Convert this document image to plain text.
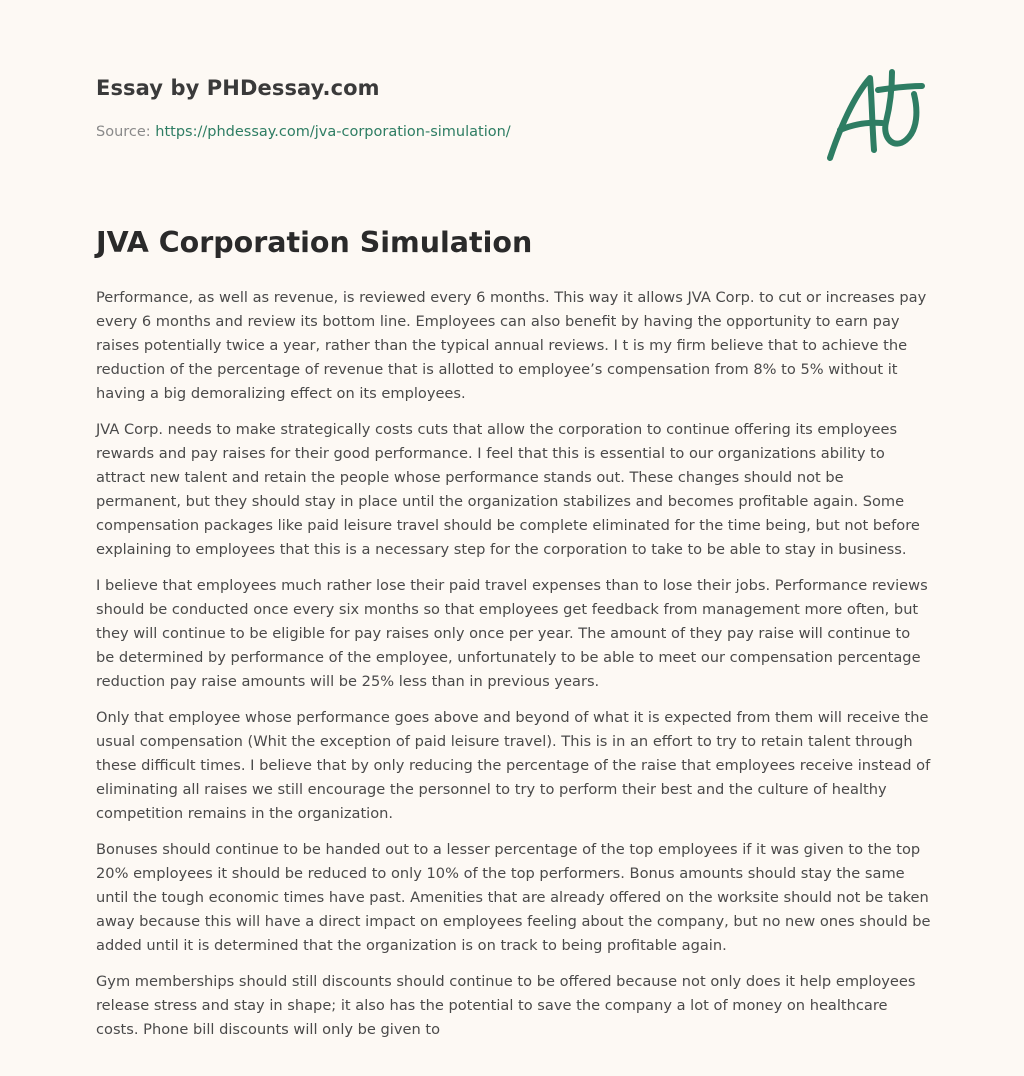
Essay by PHDessay.com

Source: https://phdessay.com/jva-corporation-simulation/

JVA Corporation Simulation

Performance, as well as revenue, is reviewed every 6 months. This way it allows JVA Corp. to cut or increases pay every 6 months and review its bottom line. Employees can also benefit by having the opportunity to earn pay raises potentially twice a year, rather than the typical annual reviews. I t is my firm believe that to achieve the reduction of the percentage of revenue that is allotted to employee’s compensation from 8% to 5% without it having a big demoralizing effect on its employees.

JVA Corp. needs to make strategically costs cuts that allow the corporation to continue offering its employees rewards and pay raises for their good performance. I feel that this is essential to our organizations ability to attract new talent and retain the people whose performance stands out. These changes should not be permanent, but they should stay in place until the organization stabilizes and becomes profitable again. Some compensation packages like paid leisure travel should be complete eliminated for the time being, but not before explaining to employees that this is a necessary step for the corporation to take to be able to stay in business.

I believe that employees much rather lose their paid travel expenses than to lose their jobs. Performance reviews should be conducted once every six months so that employees get feedback from management more often, but they will continue to be eligible for pay raises only once per year. The amount of they pay raise will continue to be determined by performance of the employee, unfortunately to be able to meet our compensation percentage reduction pay raise amounts will be 25% less than in previous years.

Only that employee whose performance goes above and beyond of what it is expected from them will receive the usual compensation (Whit the exception of paid leisure travel). This is in an effort to try to retain talent through these difficult times. I believe that by only reducing the percentage of the raise that employees receive instead of eliminating all raises we still encourage the personnel to try to perform their best and the culture of healthy competition remains in the organization.

Bonuses should continue to be handed out to a lesser percentage of the top employees if it was given to the top 20% employees it should be reduced to only 10% of the top performers. Bonus amounts should stay the same until the tough economic times have past. Amenities that are already offered on the worksite should not be taken away because this will have a direct impact on employees feeling about the company, but no new ones should be added until it is determined that the organization is on track to being profitable again.

Gym memberships should still discounts should continue to be offered because not only does it help employees release stress and stay in shape; it also has the potential to save the company a lot of money on healthcare costs. Phone bill discounts will only be given to
